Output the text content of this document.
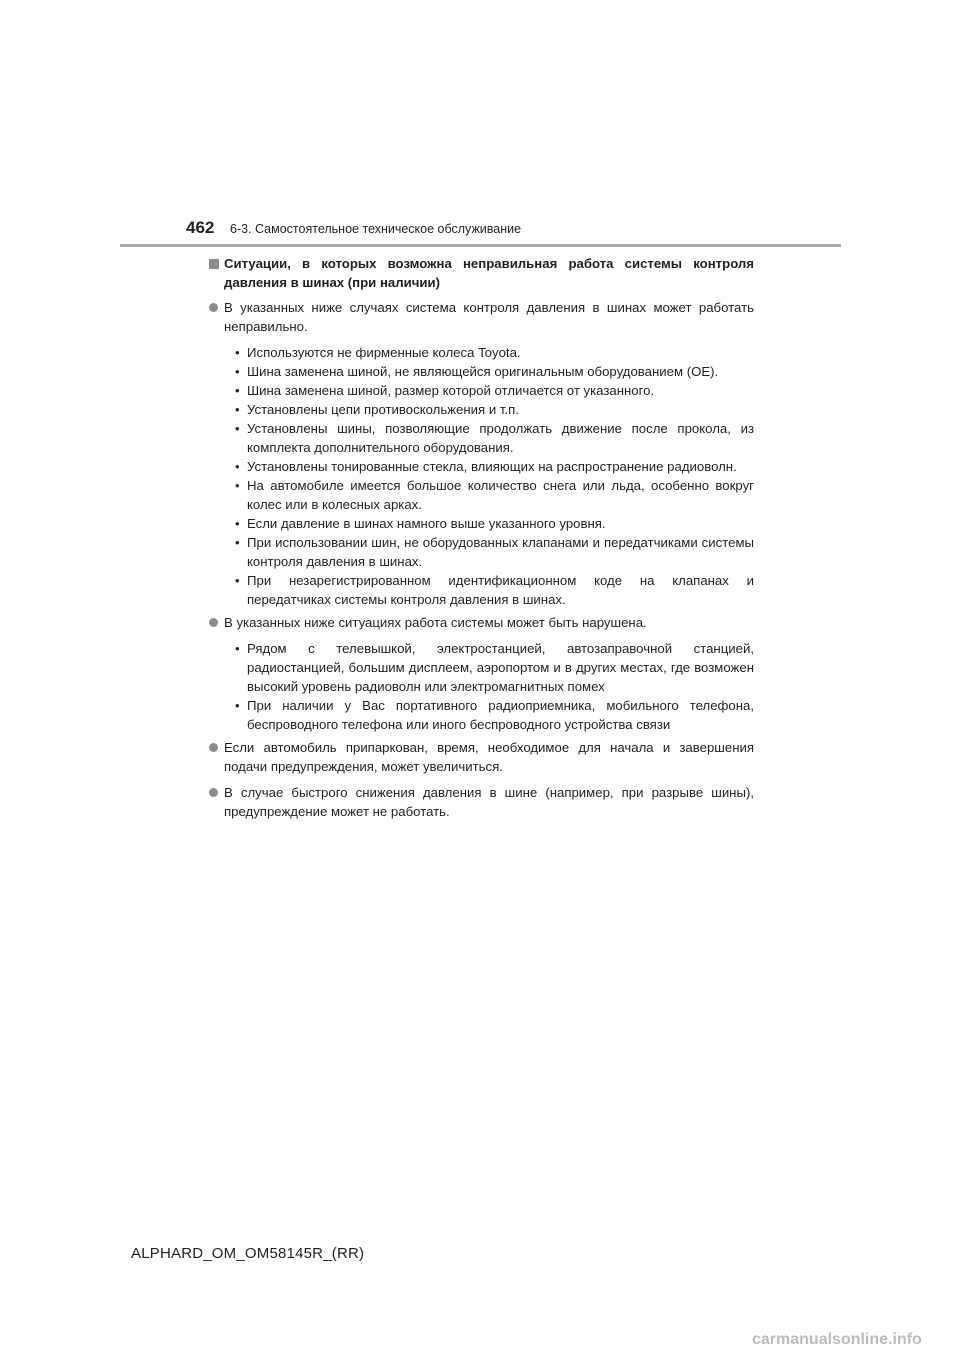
462 6-3. Самостоятельное техническое обслуживание
Ситуации, в которых возможна неправильная работа системы контроля давления в шинах (при наличии)
В указанных ниже случаях система контроля давления в шинах может работать неправильно.
• Используются не фирменные колеса Toyota.
• Шина заменена шиной, не являющейся оригинальным оборудованием (OE).
• Шина заменена шиной, размер которой отличается от указанного.
• Установлены цепи противоскольжения и т.п.
• Установлены шины, позволяющие продолжать движение после прокола, из комплекта дополнительного оборудования.
• Установлены тонированные стекла, влияющих на распространение радиоволн.
• На автомобиле имеется большое количество снега или льда, особенно вокруг колес или в колесных арках.
• Если давление в шинах намного выше указанного уровня.
• При использовании шин, не оборудованных клапанами и передатчиками системы контроля давления в шинах.
• При незарегистрированном идентификационном коде на клапанах и передатчиках системы контроля давления в шинах.
В указанных ниже ситуациях работа системы может быть нарушена.
• Рядом с телевышкой, электростанцией, автозаправочной станцией, радиостанцией, большим дисплеем, аэропортом и в других местах, где возможен высокий уровень радиоволн или электромагнитных помех
• При наличии у Вас портативного радиоприемника, мобильного телефона, беспроводного телефона или иного беспроводного устройства связи
Если автомобиль припаркован, время, необходимое для начала и завершения подачи предупреждения, может увеличиться.
В случае быстрого снижения давления в шине (например, при разрыве шины), предупреждение может не работать.
ALPHARD_OM_OM58145R_(RR)
carmanualsonline.info
